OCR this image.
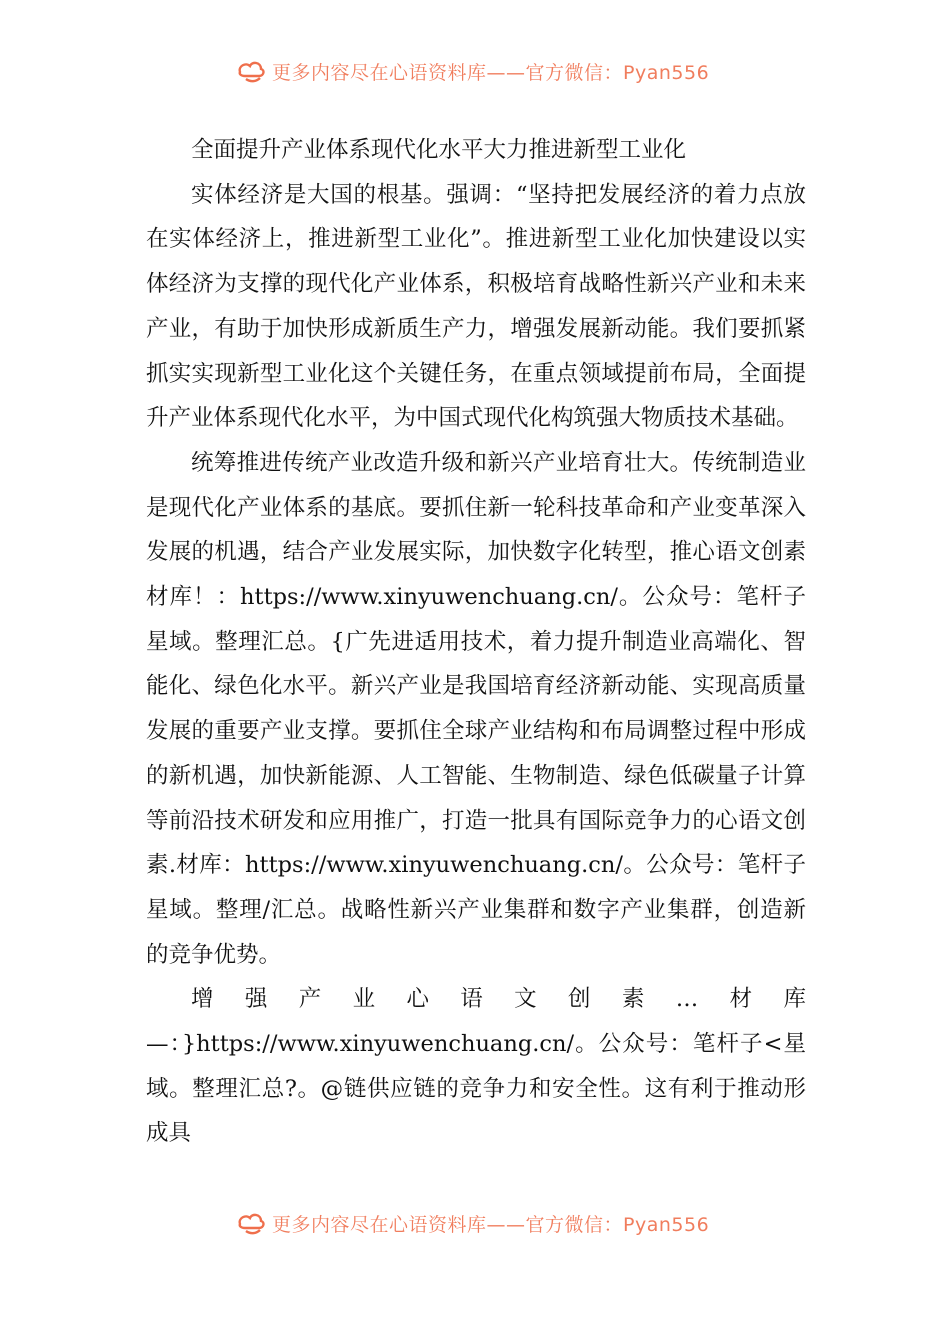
更多内容尽在心语资料库——官方微信：Pyan556

全面提升产业体系现代化水平大力推进新型工业化

实体经济是大国的根基。强调：“坚持把发展经济的着力点放在实体经济上，推进新型工业化”。推进新型工业化加快建设以实体经济为支撑的现代化产业体系，积极培育战略性新兴产业和未来产业，有助于加快形成新质生产力，增强发展新动能。我们要抓紧抓实实现新型工业化这个关键任务，在重点领域提前布局，全面提升产业体系现代化水平，为中国式现代化构筑强大物质技术基础。

统筹推进传统产业改造升级和新兴产业培育壮大。传统制造业是现代化产业体系的基底。要抓住新一轮科技革命和产业变革深入发展的机遇，结合产业发展实际，加快数字化转型，推心语文创素材库！：https://www.xinyuwenchuang.cn/。公众号：笔杆子星域。整理汇总。{广先进适用技术，着力提升制造业高端化、智能化、绿色化水平。新兴产业是我国培育经济新动能、实现高质量发展的重要产业支撑。要抓住全球产业结构和布局调整过程中形成的新机遇，加快新能源、人工智能、生物制造、绿色低碳量子计算等前沿技术研发和应用推广，打造一批具有国际竞争力的心语文创素.材库：https://www.xinyuwenchuang.cn/。公众号：笔杆子星域。整理/汇总。战略性新兴产业集群和数字产业集群，创造新的竞争优势。

增强产业心语文创素…材库—：}https://www.xinyuwenchuang.cn/。公众号：笔杆子<星域。整理汇总?。@链供应链的竞争力和安全性。这有利于推动形成具

更多内容尽在心语资料库——官方微信：Pyan556
